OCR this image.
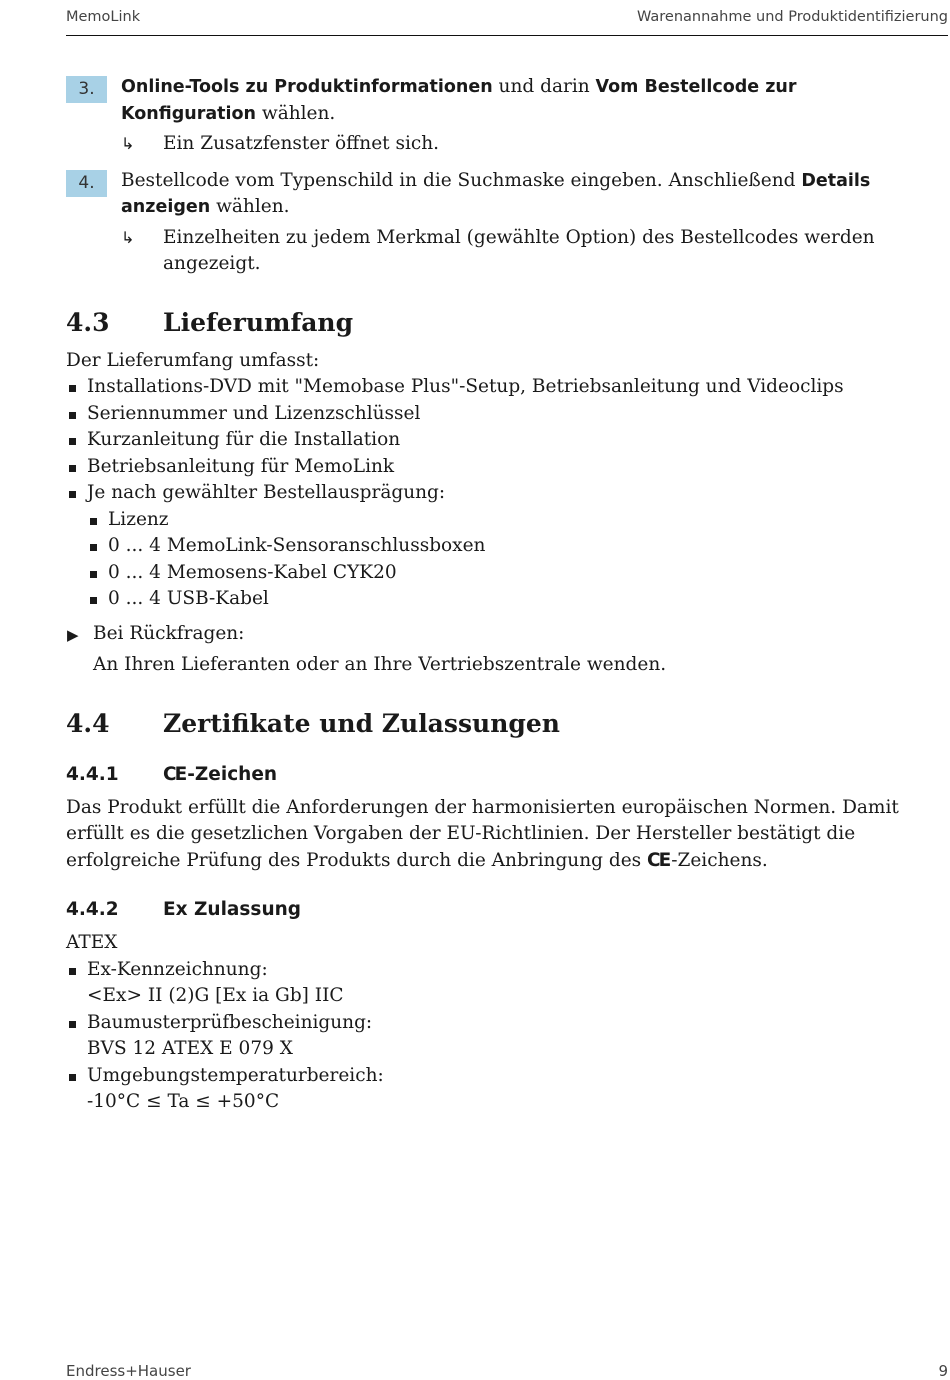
MemoLink	Warenannahme und Produktidentifizierung
3.	Online-Tools zu Produktinformationen und darin Vom Bestellcode zur Konfiguration wählen.

↳ Ein Zusatzfenster öffnet sich.
4.	Bestellcode vom Typenschild in die Suchmaske eingeben. Anschließend Details anzeigen wählen.

↳ Einzelheiten zu jedem Merkmal (gewählte Option) des Bestellcodes werden angezeigt.
4.3 Lieferumfang

Der Lieferumfang umfasst:

Installations-DVD mit "Memobase Plus"-Setup, Betriebsanleitung und Videoclips
Seriennummer und Lizenzschlüssel
Kurzanleitung für die Installation
Betriebsanleitung für MemoLink
Je nach gewählter Bestellausprägung:
Lizenz
0 ... 4 MemoLink-Sensoranschlussboxen
0 ... 4 Memosens-Kabel CYK20
0 ... 4 USB-Kabel
▶ Bei Rückfragen:

An Ihren Lieferanten oder an Ihre Vertriebszentrale wenden.

4.4 Zertifikate und Zulassungen
4.4.1 CE -Zeichen

Das Produkt erfüllt die Anforderungen der harmonisierten europäischen Normen. Damit erfüllt es die gesetzlichen Vorgaben der EU-Richtlinien. Der Hersteller bestätigt die erfolgreiche Prüfung des Produkts durch die Anbringung des CE -Zeichens.

4.4.2 Ex Zulassung

ATEX

Ex-Kennzeichnung:
<Ex> II (2)G [Ex ia Gb] IIC
Baumusterprüfbescheinigung:
BVS 12 ATEX E 079 X
Umgebungstemperaturbereich:
-10°C ≤ Ta ≤ +50°C
Endress+Hauser	9
